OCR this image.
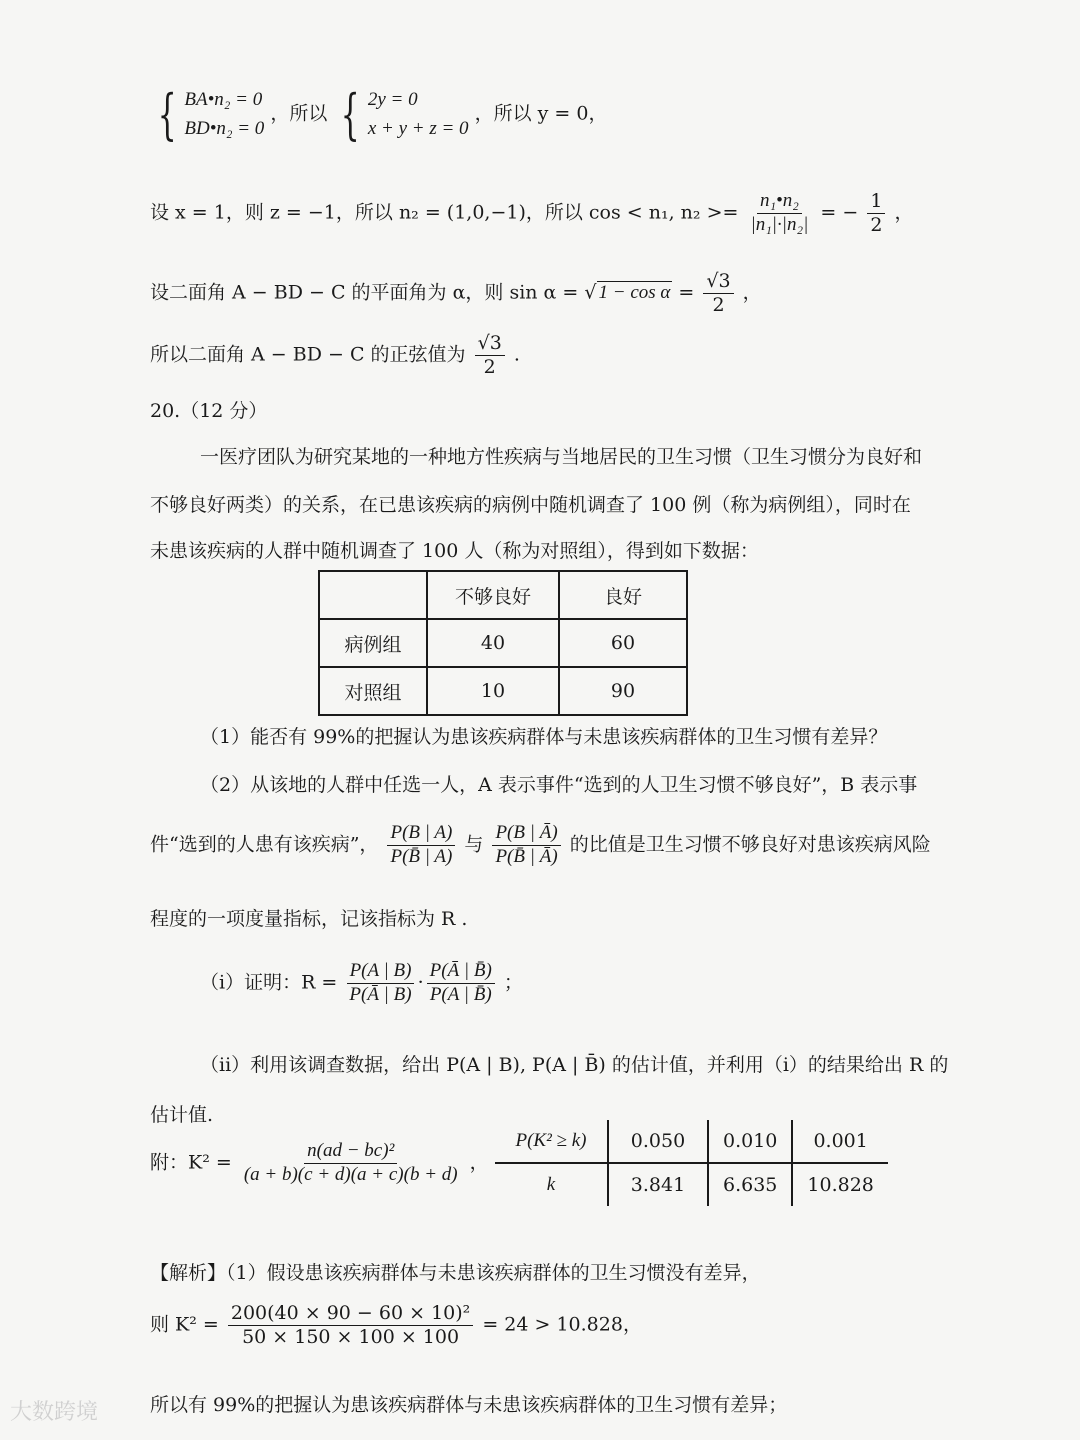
{ BA•n₂ = 0
BD•n₂ = 0
，所以 { 2y = 0
x + y + z = 0
，所以 y = 0，
设 x = 1，则 z = −1，所以 n₂ = (1,0,−1)，所以 cos < n₁, $n_2 >= \frac{\text{n₁•n₂}}{\text{|n₁|·|n₂|}}$ = − $\frac{1}{2}$ ，
设二面角 A − BD − C 的平面角为 α，则 sin α = √ $1 - \cos \alpha = \frac{√3}{2}$ ，
所以二面角 A − BD − C 的正弦值为 $\frac{√3}{2}$ .
20.（12 分）
一医疗团队为研究某地的一种地方性疾病与当地居民的卫生习惯（卫生习惯分为良好和
不够良好两类）的关系，在已患该疾病的病例中随机调查了 100 例（称为病例组），同时在
未患该疾病的人群中随机调查了 100 人（称为对照组），得到如下数据：
	不够良好	良好
病例组	40	60
对照组	10	90
（1）能否有 99%的把握认为患该疾病群体与未患该疾病群体的卫生习惯有差异？
（2）从该地的人群中任选一人，A 表示事件“选到的人卫生习惯不够良好”，B 表示事
件“选到的人患有该疾病”， $\frac{P(B | A)}{P(B̄ | A)}$ 与 $\frac{P(B | Ā)}{P(B̄ | Ā)}$ 的比值是卫生习惯不够良好对患该疾病风险
程度的一项度量指标，记该指标为 R .
（i）证明：$R = \frac{P(A | B)}{P(Ā | B)} \cdot \frac{P(Ā | B̄)}{P(A | B̄)}$ ；
（ii）利用该调查数据，给出 P(A | B), P(A | B̄) 的估计值，并利用（i）的结果给出 R 的
估计值.
附：$K^2 = \frac{\text{n(ad − bc)²}}{(a + b)(c + d)(a + c)(b + d)}$ ，
P(K² ≥ k)	0.050	0.010	0.001
k	3.841	6.635	10.828
【解析】（1）假设患该疾病群体与未患该疾病群体的卫生习惯没有差异，
则 $K^2 = \frac{\text{200(40 × 90 − 60 × 10)²}}{50 \times 150 \times 100 \times 100} = 24 > 10.828$，
所以有 99%的把握认为患该疾病群体与未患该疾病群体的卫生习惯有差异；
大数跨境
